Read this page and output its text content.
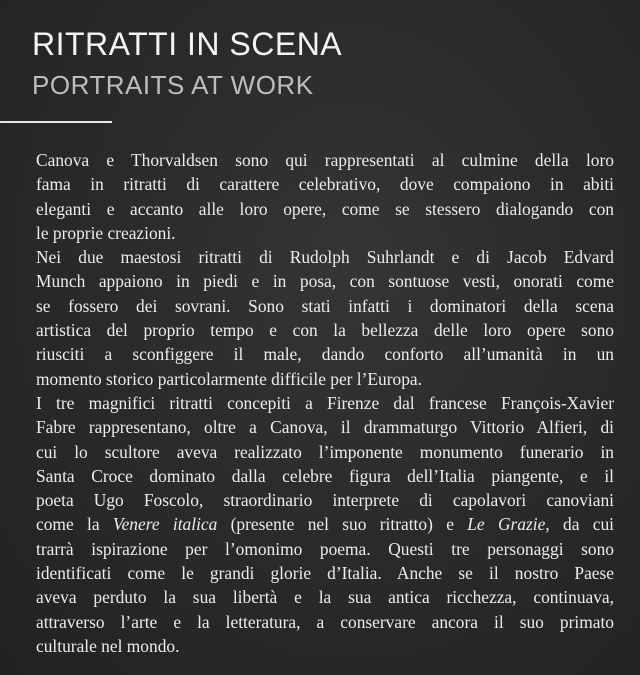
RITRATTI IN SCENA
PORTRAITS AT WORK
Canova e Thorvaldsen sono qui rappresentati al culmine della loro
fama in ritratti di carattere celebrativo, dove compaiono in abiti
eleganti e accanto alle loro opere, come se stessero dialogando con
le proprie creazioni.
Nei due maestosi ritratti di Rudolph Suhrlandt e di Jacob Edvard
Munch appaiono in piedi e in posa, con sontuose vesti, onorati come
se fossero dei sovrani. Sono stati infatti i dominatori della scena
artistica del proprio tempo e con la bellezza delle loro opere sono
riusciti a sconfiggere il male, dando conforto all’umanità in un
momento storico particolarmente difficile per l’Europa.
I tre magnifici ritratti concepiti a Firenze dal francese François-Xavier
Fabre rappresentano, oltre a Canova, il drammaturgo Vittorio Alfieri, di
cui lo scultore aveva realizzato l’imponente monumento funerario in
Santa Croce dominato dalla celebre figura dell’Italia piangente, e il
poeta Ugo Foscolo, straordinario interprete di capolavori canoviani
come la Venere italica (presente nel suo ritratto) e Le Grazie, da cui
trarrà ispirazione per l’omonimo poema. Questi tre personaggi sono
identificati come le grandi glorie d’Italia. Anche se il nostro Paese
aveva perduto la sua libertà e la sua antica ricchezza, continuava,
attraverso l’arte e la letteratura, a conservare ancora il suo primato
culturale nel mondo.
